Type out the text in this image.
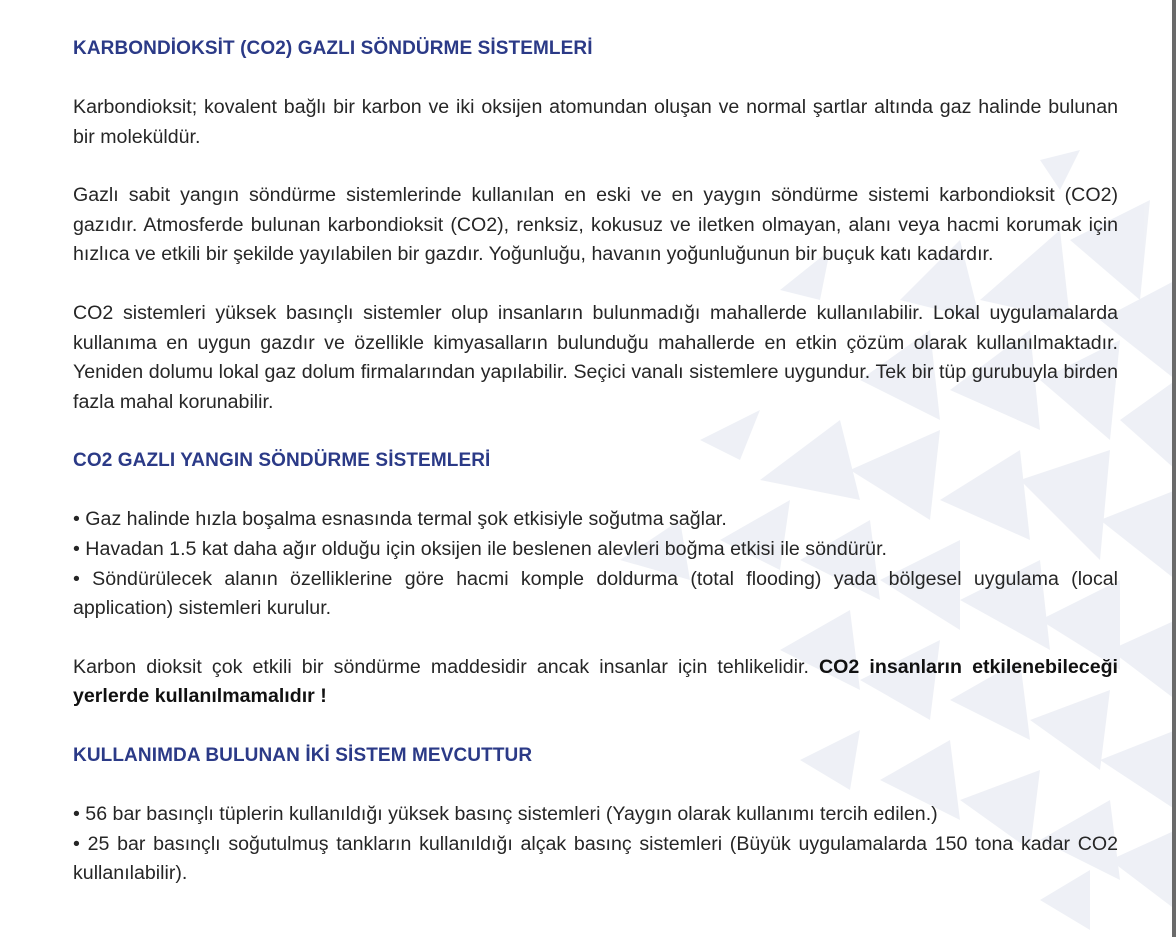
KARBONDİOKSİT (CO2) GAZLI SÖNDÜRME SİSTEMLERİ

Karbondioksit; kovalent bağlı bir karbon ve iki oksijen atomundan oluşan ve normal şartlar altında gaz halinde bulunan bir moleküldür.

Gazlı sabit yangın söndürme sistemlerinde kullanılan en eski ve en yaygın söndürme sistemi karbondioksit (CO2) gazıdır. Atmosferde bulunan karbondioksit (CO2), renksiz, kokusuz ve iletken olmayan, alanı veya hacmi korumak için hızlıca ve etkili bir şekilde yayılabilen bir gazdır. Yoğunluğu, havanın yoğunluğunun bir buçuk katı kadardır.

CO2 sistemleri yüksek basınçlı sistemler olup insanların bulunmadığı mahallerde kullanılabilir. Lokal uygulamalarda kullanıma en uygun gazdır ve özellikle kimyasalların bulunduğu mahallerde en etkin çözüm olarak kullanılmaktadır. Yeniden dolumu lokal gaz dolum firmalarından yapılabilir. Seçici vanalı sistemlere uygundur. Tek bir tüp gurubuyla birden fazla mahal korunabilir.

CO2 GAZLI YANGIN SÖNDÜRME SİSTEMLERİ

• Gaz halinde hızla boşalma esnasında termal şok etkisiyle soğutma sağlar.

• Havadan 1.5 kat daha ağır olduğu için oksijen ile beslenen alevleri boğma etkisi ile söndürür.

• Söndürülecek alanın özelliklerine göre hacmi komple doldurma (total flooding) yada bölgesel uygulama (local application) sistemleri kurulur.

Karbon dioksit çok etkili bir söndürme maddesidir ancak insanlar için tehlikelidir. CO2 insanların etkilenebileceği yerlerde kullanılmamalıdır !

KULLANIMDA BULUNAN İKİ SİSTEM MEVCUTTUR

• 56 bar basınçlı tüplerin kullanıldığı yüksek basınç sistemleri (Yaygın olarak kullanımı tercih edilen.)

• 25 bar basınçlı soğutulmuş tankların kullanıldığı alçak basınç sistemleri (Büyük uygulamalarda 150 tona kadar CO2 kullanılabilir).
